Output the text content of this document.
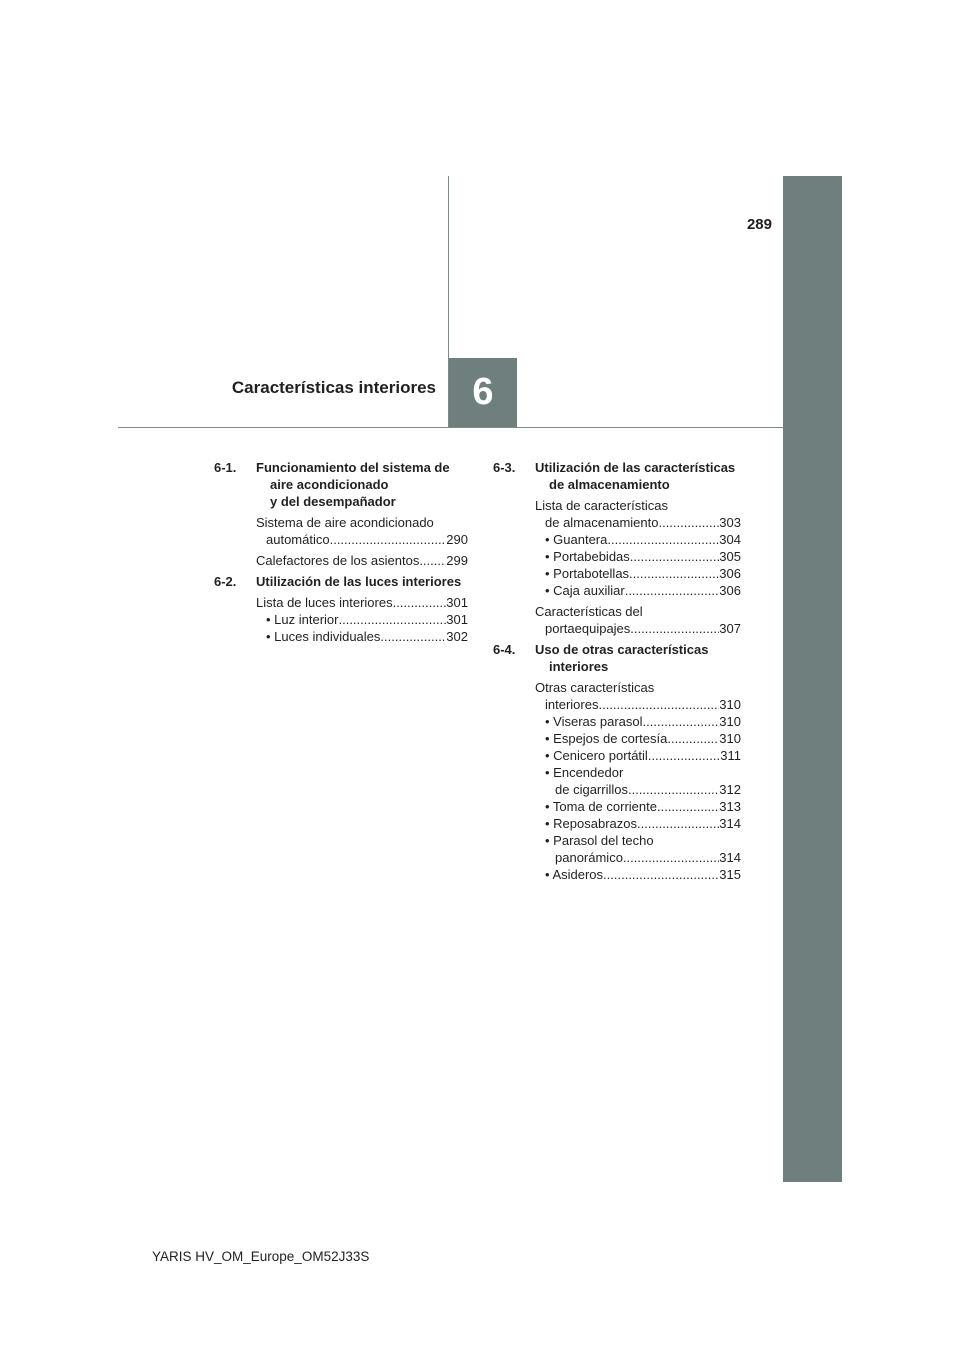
289
6
Características interiores
6-1.	Funcionamiento del sistema de
aire acondicionado
y del desempañador
Sistema de aire acondicionado
automático .....	290
Calefactores de los asientos ..... 299
6-2.	Utilización de las luces interiores
Lista de luces interiores .....	301
• Luz interior .....	301
• Luces individuales .....	302
6-3.	Utilización de las características
de almacenamiento
Lista de características
de almacenamiento .....	303
• Guantera .....	304
• Portabebidas .....	305
• Portabotellas .....	306
• Caja auxiliar .....	306
Características del
portaequipajes .....	307
6-4.	Uso de otras características
interiores
Otras características
interiores .....	310
• Viseras parasol .....	310
• Espejos de cortesía .....	310
• Cenicero portátil .....	311
• Encendedor
de cigarrillos .....	312
• Toma de corriente .....	313
• Reposabrazos .....	314
• Parasol del techo
panorámico .....	314
• Asideros .....	315
YARIS HV_OM_Europe_OM52J33S
